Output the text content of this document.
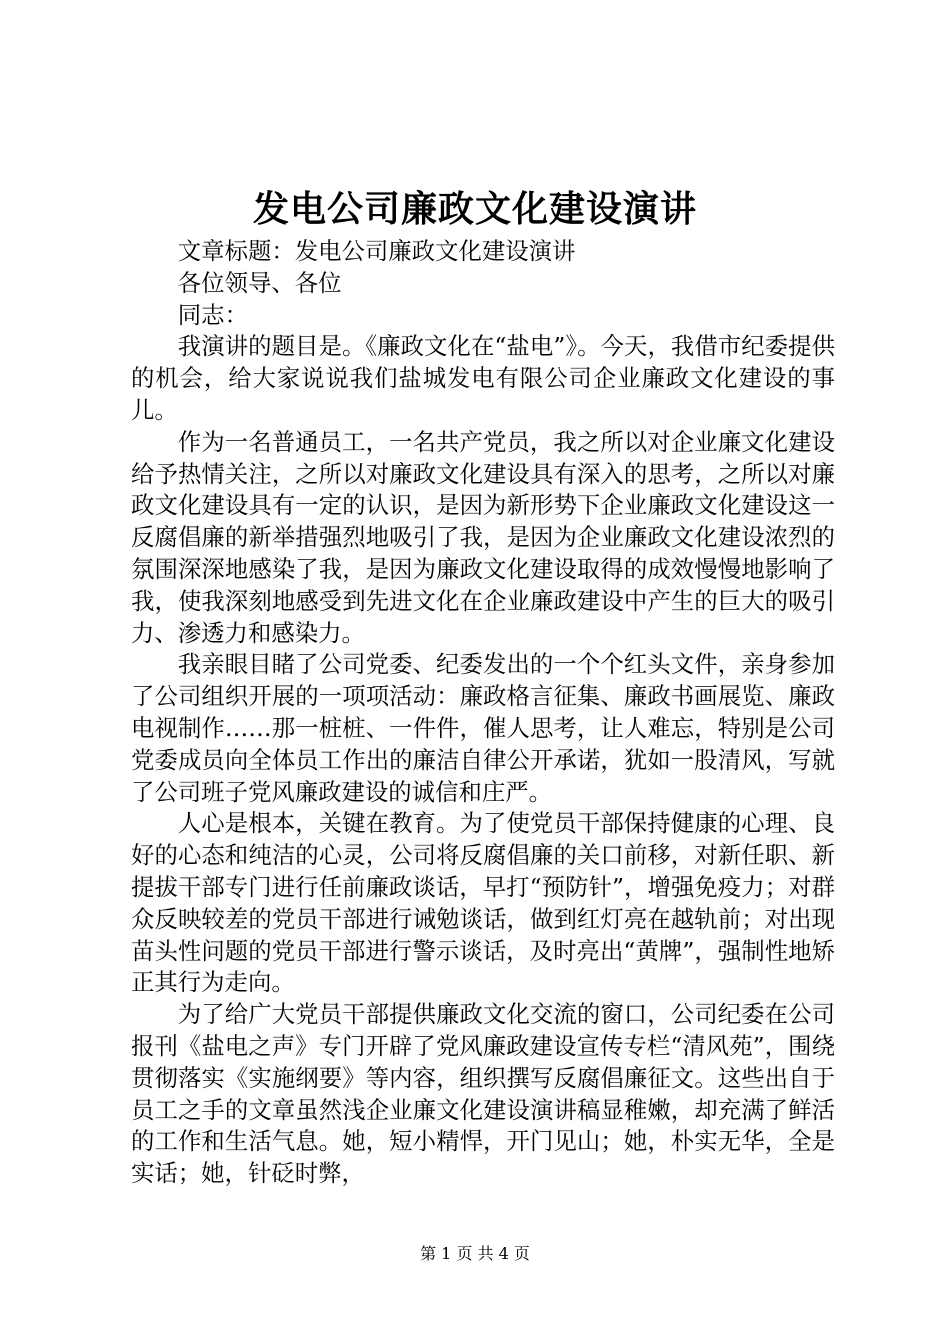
发电公司廉政文化建设演讲

文章标题：发电公司廉政文化建设演讲

各位领导、各位

同志：

我演讲的题目是。《廉政文化在“盐电”》。今天，我借市纪委提供的机会，给大家说说我们盐城发电有限公司企业廉政文化建设的事儿。

作为一名普通员工，一名共产党员，我之所以对企业廉文化建设给予热情关注，之所以对廉政文化建设具有深入的思考，之所以对廉政文化建设具有一定的认识，是因为新形势下企业廉政文化建设这一反腐倡廉的新举措强烈地吸引了我，是因为企业廉政文化建设浓烈的氛围深深地感染了我，是因为廉政文化建设取得的成效慢慢地影响了我，使我深刻地感受到先进文化在企业廉政建设中产生的巨大的吸引力、渗透力和感染力。

我亲眼目睹了公司党委、纪委发出的一个个红头文件，亲身参加了公司组织开展的一项项活动：廉政格言征集、廉政书画展览、廉政电视制作……那一桩桩、一件件，催人思考，让人难忘，特别是公司党委成员向全体员工作出的廉洁自律公开承诺，犹如一股清风，写就了公司班子党风廉政建设的诚信和庄严。

人心是根本，关键在教育。为了使党员干部保持健康的心理、良好的心态和纯洁的心灵，公司将反腐倡廉的关口前移，对新任职、新提拔干部专门进行任前廉政谈话，早打“预防针”，增强免疫力；对群众反映较差的党员干部进行诫勉谈话，做到红灯亮在越轨前；对出现苗头性问题的党员干部进行警示谈话，及时亮出“黄牌”，强制性地矫正其行为走向。

为了给广大党员干部提供廉政文化交流的窗口，公司纪委在公司报刊《盐电之声》专门开辟了党风廉政建设宣传专栏“清风苑”，围绕贯彻落实《实施纲要》等内容，组织撰写反腐倡廉征文。这些出自于员工之手的文章虽然浅企业廉文化建设演讲稿显稚嫩，却充满了鲜活的工作和生活气息。她，短小精悍，开门见山；她，朴实无华，全是实话；她，针砭时弊，

第 1 页 共 4 页
